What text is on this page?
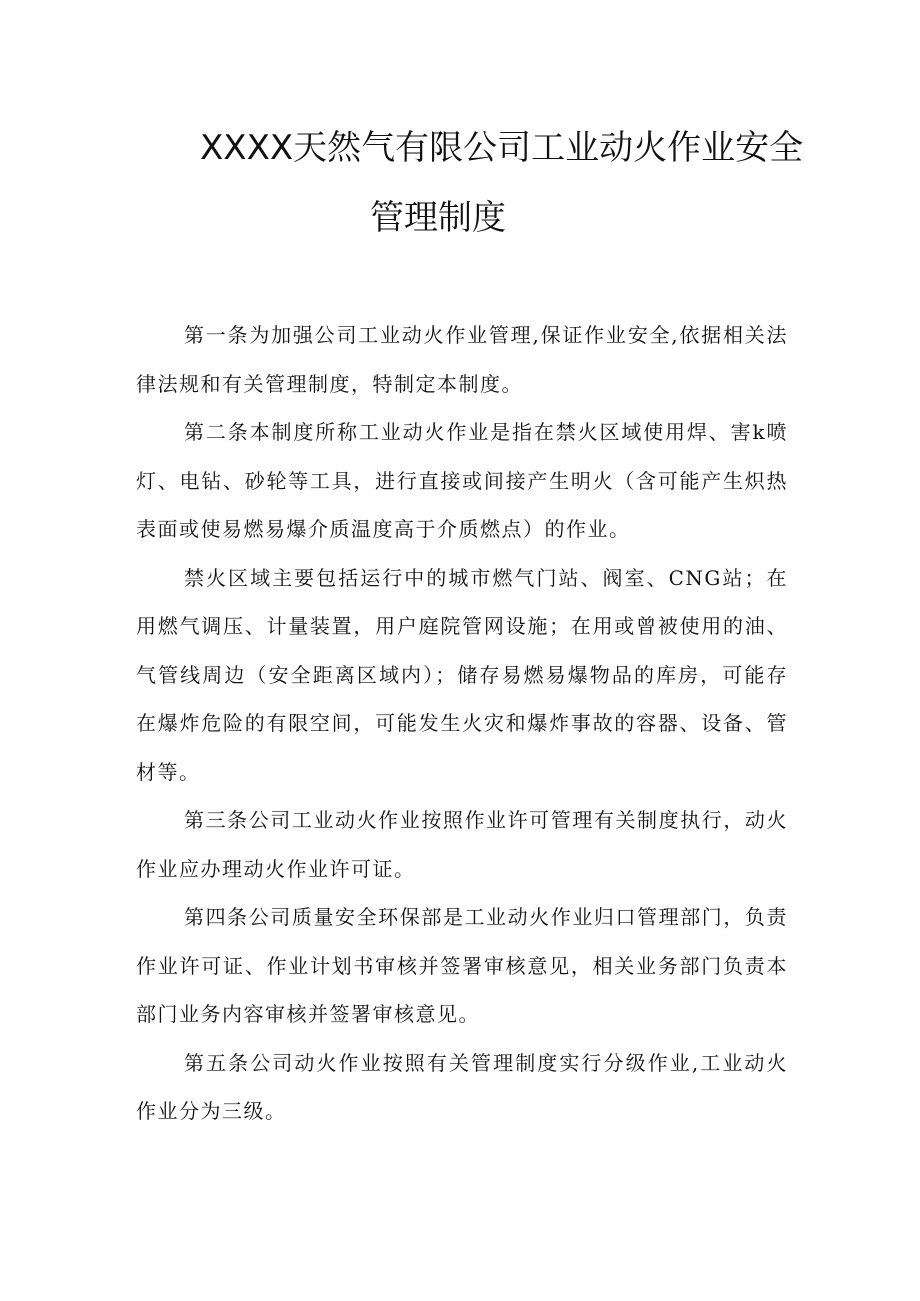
XXXX天然气有限公司工业动火作业安全
管理制度

第一条为加强公司工业动火作业管理,保证作业安全,依据相关法律法规和有关管理制度，特制定本制度。

第二条本制度所称工业动火作业是指在禁火区域使用焊、害k喷灯、电钻、砂轮等工具，进行直接或间接产生明火（含可能产生炽热表面或使易燃易爆介质温度高于介质燃点）的作业。

禁火区域主要包括运行中的城市燃气门站、阀室、CNG站；在用燃气调压、计量装置，用户庭院管网设施；在用或曾被使用的油、气管线周边（安全距离区域内）；储存易燃易爆物品的库房，可能存在爆炸危险的有限空间，可能发生火灾和爆炸事故的容器、设备、管材等。

第三条公司工业动火作业按照作业许可管理有关制度执行，动火作业应办理动火作业许可证。

第四条公司质量安全环保部是工业动火作业归口管理部门，负责作业许可证、作业计划书审核并签署审核意见，相关业务部门负责本部门业务内容审核并签署审核意见。

第五条公司动火作业按照有关管理制度实行分级作业,工业动火作业分为三级。
